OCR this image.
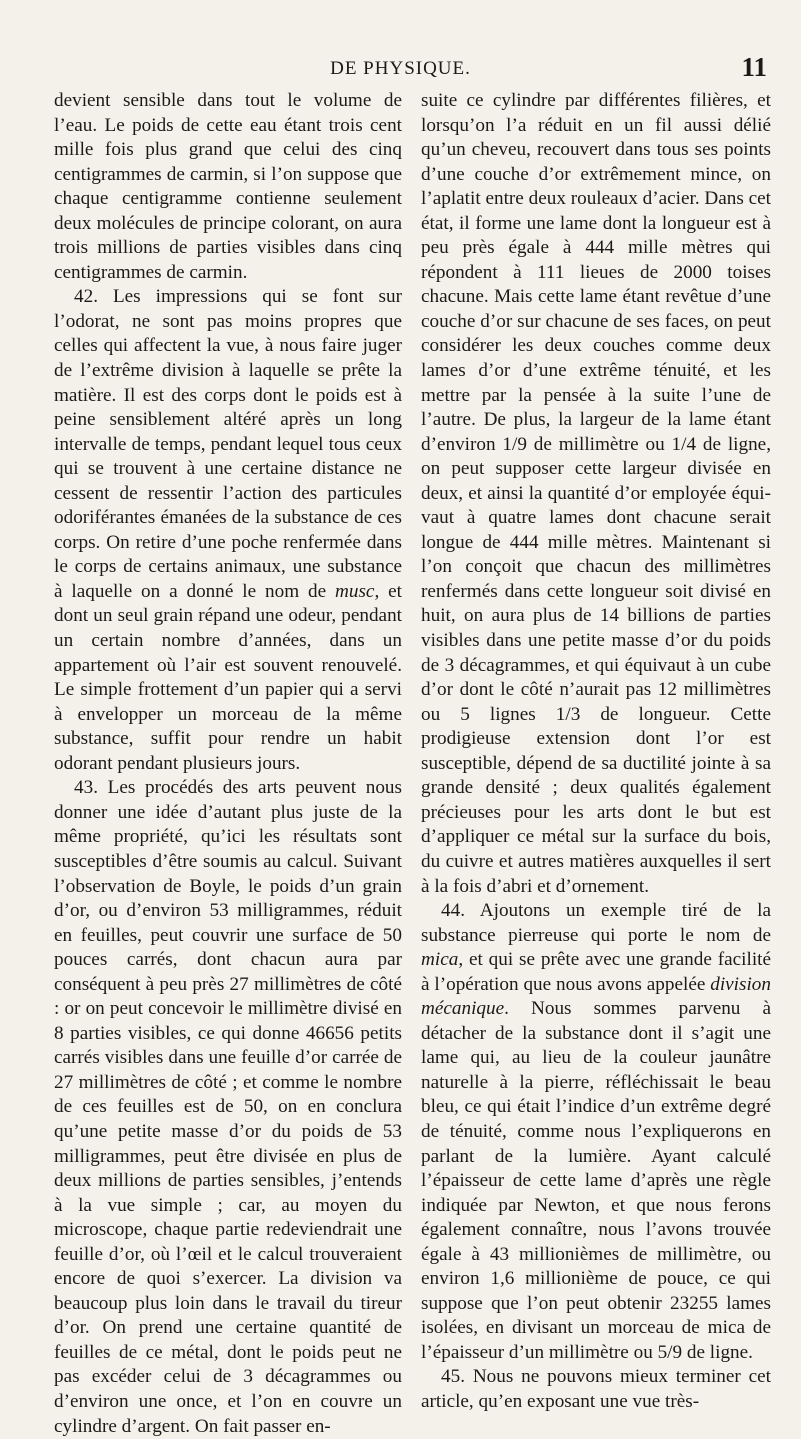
DE PHYSIQUE.	11

devient sensible dans tout le volume de l’eau. Le poids de cette eau étant trois cent mille fois plus grand que celui des cinq centigrammes de carmin, si l’on suppose que chaque centigramme contienne seulement deux molécules de principe colorant, on aura trois millions de parties visibles dans cinq centigrammes de carmin.

42. Les impressions qui se font sur l’odorat, ne sont pas moins propres que celles qui affectent la vue, à nous faire juger de l’extrême division à laquelle se prête la matière. Il est des corps dont le poids est à peine sensiblement altéré après un long intervalle de temps, pendant lequel tous ceux qui se trouvent à une certaine distance ne cessent de ressentir l’action des particules odoriférantes émanées de la substance de ces corps. On retire d’une poche renfermée dans le corps de certains animaux, une substance à laquelle on a donné le nom de musc, et dont un seul grain répand une odeur, pendant un certain nombre d’années, dans un appartement où l’air est souvent renouvelé. Le simple frottement d’un papier qui a servi à envelopper un morceau de la même substance, suffit pour rendre un habit odorant pendant plusieurs jours.

43. Les procédés des arts peuvent nous donner une idée d’autant plus juste de la même propriété, qu’ici les résultats sont susceptibles d’être soumis au calcul. Suivant l’observation de Boyle, le poids d’un grain d’or, ou d’environ 53 milligrammes, réduit en feuilles, peut couvrir une surface de 50 pouces carrés, dont chacun aura par conséquent à peu près 27 millimètres de côté : or on peut concevoir le millimètre divisé en 8 parties visibles, ce qui donne 46656 petits carrés visibles dans une feuille d’or carrée de 27 millimètres de côté ; et comme le nombre de ces feuilles est de 50, on en conclura qu’une petite masse d’or du poids de 53 milligrammes, peut être divisée en plus de deux millions de parties sensibles, j’entends à la vue simple ; car, au moyen du microscope, chaque partie redeviendrait une feuille d’or, où l’œil et le calcul trouveraient encore de quoi s’exercer. La division va beaucoup plus loin dans le travail du tireur d’or. On prend une certaine quantité de feuilles de ce métal, dont le poids peut ne pas excéder celui de 3 décagrammes ou d’environ une once, et l’on en couvre un cylindre d’argent. On fait passer en-

suite ce cylindre par différentes filières, et lorsqu’on l’a réduit en un fil aussi délié qu’un cheveu, recouvert dans tous ses points d’une couche d’or extrêmement mince, on l’aplatit entre deux rouleaux d’acier. Dans cet état, il forme une lame dont la longueur est à peu près égale à 444 mille mètres qui répondent à 111 lieues de 2000 toises chacune. Mais cette lame étant revêtue d’une couche d’or sur chacune de ses faces, on peut considérer les deux couches comme deux lames d’or d’une extrême ténuité, et les mettre par la pensée à la suite l’une de l’autre. De plus, la largeur de la lame étant d’environ 1/9 de millimètre ou 1/4 de ligne, on peut supposer cette largeur divisée en deux, et ainsi la quantité d’or employée équivaut à quatre lames dont chacune serait longue de 444 mille mètres. Maintenant si l’on conçoit que chacun des millimètres renfermés dans cette longueur soit divisé en huit, on aura plus de 14 billions de parties visibles dans une petite masse d’or du poids de 3 décagrammes, et qui équivaut à un cube d’or dont le côté n’aurait pas 12 millimètres ou 5 lignes 1/3 de longueur. Cette prodigieuse extension dont l’or est susceptible, dépend de sa ductilité jointe à sa grande densité ; deux qualités également précieuses pour les arts dont le but est d’appliquer ce métal sur la surface du bois, du cuivre et autres matières auxquelles il sert à la fois d’abri et d’ornement.

44. Ajoutons un exemple tiré de la substance pierreuse qui porte le nom de mica, et qui se prête avec une grande facilité à l’opération que nous avons appelée division mécanique. Nous sommes parvenu à détacher de la substance dont il s’agit une lame qui, au lieu de la couleur jaunâtre naturelle à la pierre, réfléchissait le beau bleu, ce qui était l’indice d’un extrême degré de ténuité, comme nous l’expliquerons en parlant de la lumière. Ayant calculé l’épaisseur de cette lame d’après une règle indiquée par Newton, et que nous ferons également connaître, nous l’avons trouvée égale à 43 millionièmes de millimètre, ou environ 1,6 millionième de pouce, ce qui suppose que l’on peut obtenir 23255 lames isolées, en divisant un morceau de mica de l’épaisseur d’un millimètre ou 5/9 de ligne.

45. Nous ne pouvons mieux terminer cet article, qu’en exposant une vue très-
